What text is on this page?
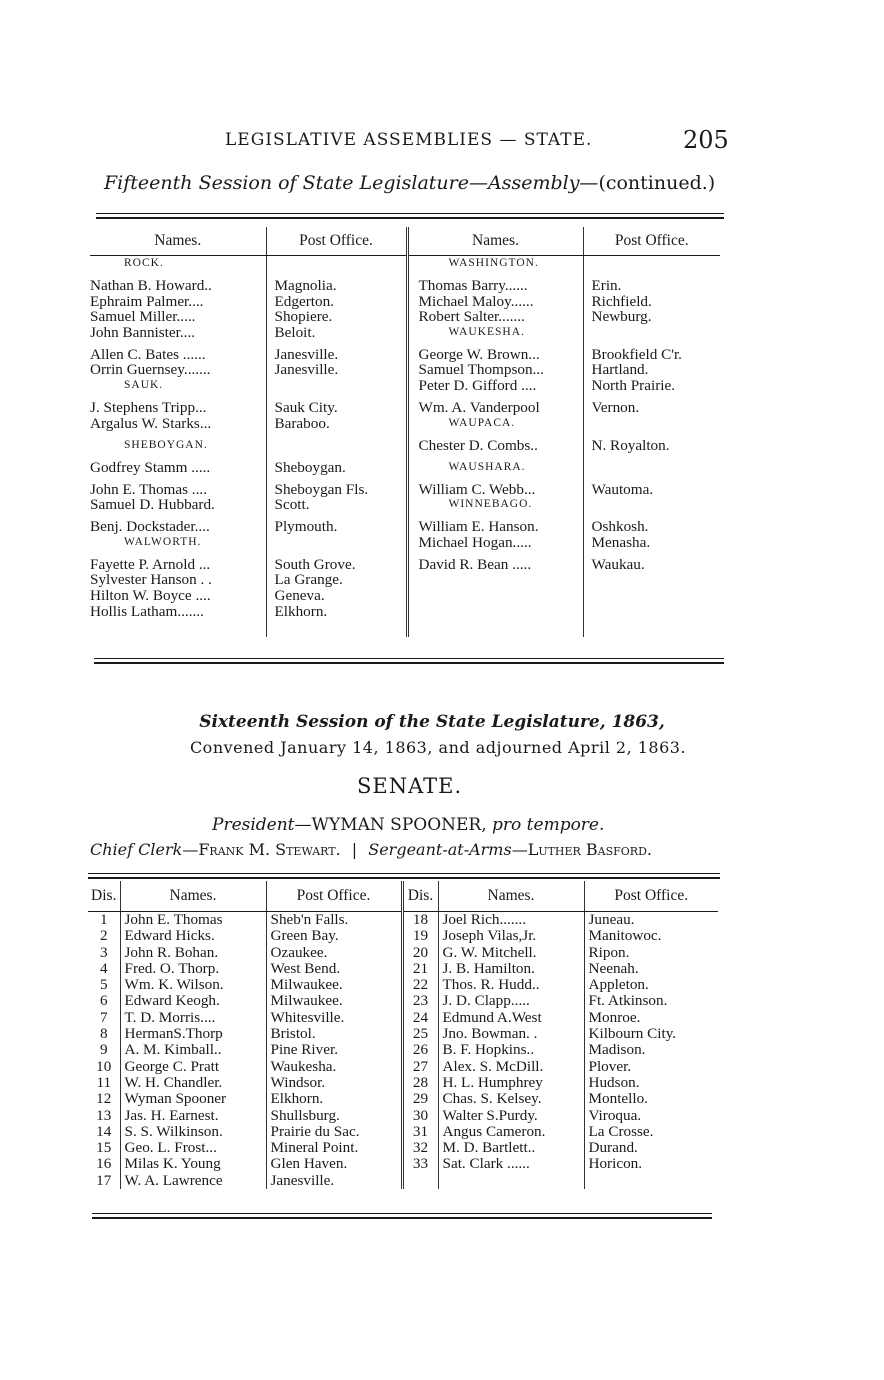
LEGISLATIVE ASSEMBLIES — STATE.	205
Fifteenth Session of State Legislature—Assembly—(continued.)
Names.	Post Office.	Names.	Post Office.
ROCK.		WASHINGTON.	
Nathan B. Howard..	Magnolia.	Thomas Barry......	Erin.
Ephraim Palmer....	Edgerton.	Michael Maloy......	Richfield.
Samuel Miller.....	Shopiere.	Robert Salter.......	Newburg.
John Bannister....	Beloit.	WAUKESHA.	
Allen C. Bates ......	Janesville.	George W. Brown...	Brookfield C'r.
Orrin Guernsey.......	Janesville.	Samuel Thompson...	Hartland.
SAUK.		Peter D. Gifford ....	North Prairie.
J. Stephens Tripp...	Sauk City.	Wm. A. Vanderpool	Vernon.
Argalus W. Starks...	Baraboo.	WAUPACA.	
SHEBOYGAN.		Chester D. Combs..	N. Royalton.
Godfrey Stamm .....	Sheboygan.	WAUSHARA.	
John E. Thomas ....	Sheboygan Fls.	William C. Webb...	Wautoma.
Samuel D. Hubbard.	Scott.	WINNEBAGO.	
Benj. Dockstader....	Plymouth.	William E. Hanson.	Oshkosh.
WALWORTH.		Michael Hogan.....	Menasha.
Fayette P. Arnold ...	South Grove.	David R. Bean .....	Waukau.
Sylvester Hanson . .	La Grange.		
Hilton W. Boyce ....	Geneva.		
Hollis Latham.......	Elkhorn.		

Sixteenth Session of the State Legislature, 1863,
Convened January 14, 1863, and adjourned April 2, 1863.
SENATE.
President—WYMAN SPOONER, pro tempore.
Chief Clerk—Frank M. Stewart. | Sergeant-at-Arms—Luther Basford.
Dis.	Names.	Post Office.	Dis.	Names.	Post Office.
1	John E. Thomas	Sheb'n Falls.	18	Joel Rich.......	Juneau.
2	Edward Hicks.	Green Bay.	19	Joseph Vilas,Jr.	Manitowoc.
3	John R. Bohan.	Ozaukee.	20	G. W. Mitchell.	Ripon.
4	Fred. O. Thorp.	West Bend.	21	J. B. Hamilton.	Neenah.
5	Wm. K. Wilson.	Milwaukee.	22	Thos. R. Hudd..	Appleton.
6	Edward Keogh.	Milwaukee.	23	J. D. Clapp.....	Ft. Atkinson.
7	T. D. Morris....	Whitesville.	24	Edmund A.West	Monroe.
8	HermanS.Thorp	Bristol.	25	Jno. Bowman. .	Kilbourn City.
9	A. M. Kimball..	Pine River.	26	B. F. Hopkins..	Madison.
10	George C. Pratt	Waukesha.	27	Alex. S. McDill.	Plover.
11	W. H. Chandler.	Windsor.	28	H. L. Humphrey	Hudson.
12	Wyman Spooner	Elkhorn.	29	Chas. S. Kelsey.	Montello.
13	Jas. H. Earnest.	Shullsburg.	30	Walter S.Purdy.	Viroqua.
14	S. S. Wilkinson.	Prairie du Sac.	31	Angus Cameron.	La Crosse.
15	Geo. L. Frost...	Mineral Point.	32	M. D. Bartlett..	Durand.
16	Milas K. Young	Glen Haven.	33	Sat. Clark ......	Horicon.
17	W. A. Lawrence	Janesville.			
